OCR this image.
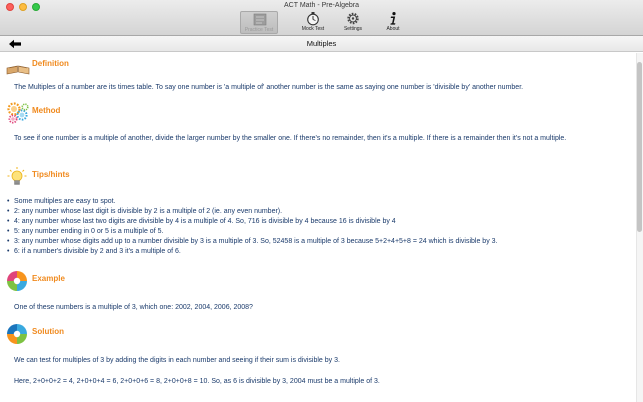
ACT Math - Pre-Algebra
Practice Test	Mock Test	Settings	About
Multiples
Definition
The Multiples of a number are its times table. To say one number is 'a multiple of' another number is the same as saying one number is 'divisible by' another number.
Method
To see if one number is a multiple of another, divide the larger number by the smaller one. If there's no remainder, then it's a multiple. If there is a remainder then it's not a multiple.
Tips/hints
• Some multiples are easy to spot.
• 2: any number whose last digit is divisible by 2 is a multiple of 2 (ie. any even number).
• 4: any number whose last two digits are divisible by 4 is a multiple of 4. So, 716 is divisible by 4 because 16 is divisible by 4
• 5: any number ending in 0 or 5 is a multiple of 5.
• 3: any number whose digits add up to a number divisible by 3 is a multiple of 3. So, 52458 is a multiple of 3 because 5+2+4+5+8 = 24 which is divisible by 3.
• 6: if a number's divisible by 2 and 3 it's a multiple of 6.
Example
One of these numbers is a multiple of 3, which one: 2002, 2004, 2006, 2008?
Solution
We can test for multiples of 3 by adding the digits in each number and seeing if their sum is divisible by 3.
Here, 2+0+0+2 = 4, 2+0+0+4 = 6, 2+0+0+6 = 8, 2+0+0+8 = 10. So, as 6 is divisible by 3, 2004 must be a multiple of 3.
